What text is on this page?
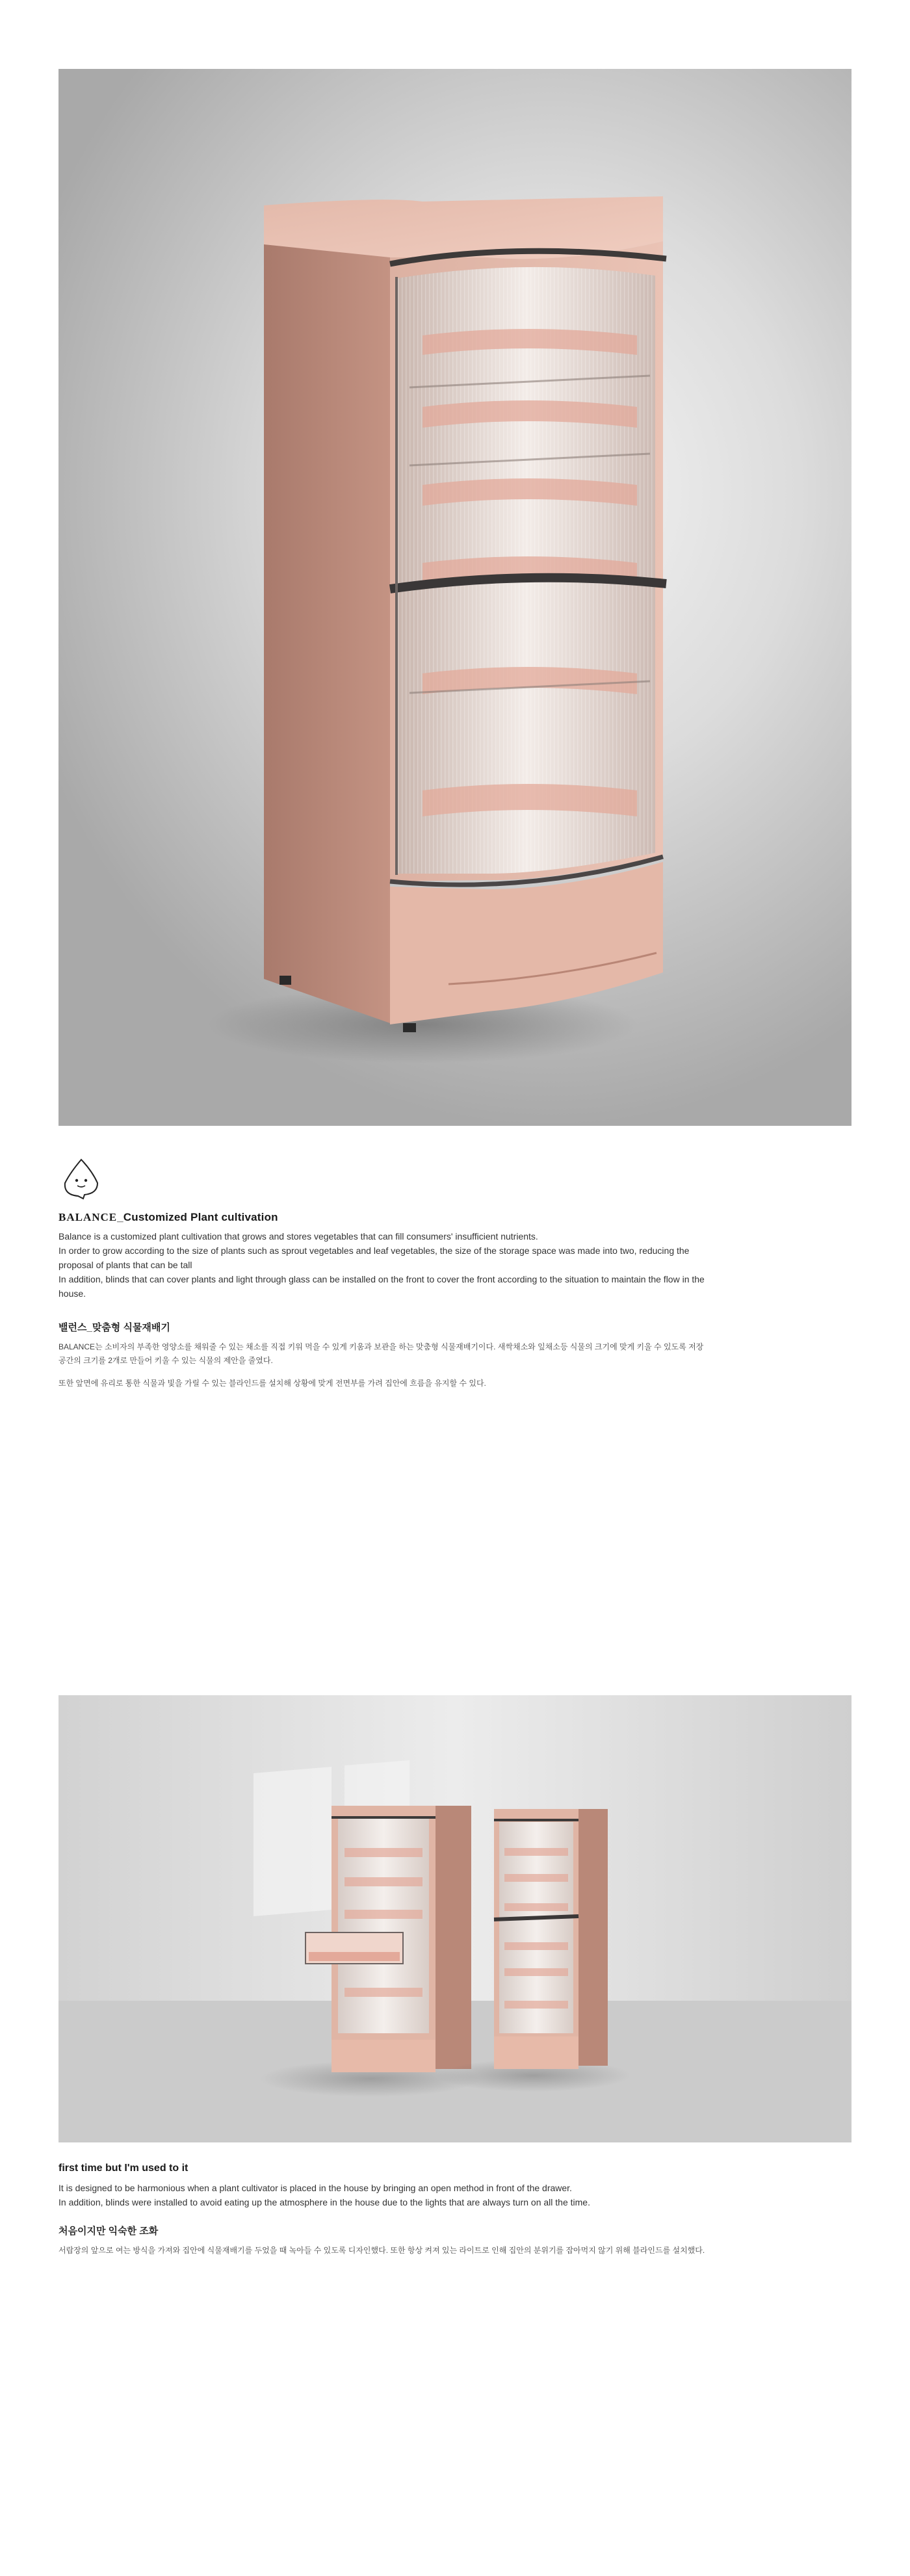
BALANCE_Customized Plant cultivation

Balance is a customized plant cultivation that grows and stores vegetables that can fill consumers' insufficient nutrients.

In order to grow according to the size of plants such as sprout vegetables and leaf vegetables, the size of the storage space was made into two, reducing the proposal of plants that can be tall

In addition, blinds that can cover plants and light through glass can be installed on the front to cover the front according to the situation to maintain the flow in the house.

밸런스_맞춤형 식물재배기

BALANCE는 소비자의 부족한 영양소를 채워줄 수 있는 채소를 직접 키워 먹을 수 있게 키움과 보관을 하는 맞춤형 식물재배기이다. 새싹채소와 잎채소등 식물의 크기에 맞게 키울 수 있도록 저장공간의 크기를 2개로 만들어 키울 수 있는 식물의 제안을 줄였다.

또한 앞면에 유리로 통한 식물과 빛을 가릴 수 있는 블라인드를 설치해 상황에 맞게 전면부를 가려 집안에 흐름을 유지할 수 있다.

first time but I'm used to it

It is designed to be harmonious when a plant cultivator is placed in the house by bringing an open method in front of the drawer.

In addition, blinds were installed to avoid eating up the atmosphere in the house due to the lights that are always turn on all the time.

처음이지만 익숙한 조화

서랍장의 앞으로 여는 방식을 가져와 집안에 식물재배기를 두었을 때 녹아들 수 있도록 디자인했다. 또한 항상 켜져 있는 라이트로 인해 집안의 분위기를 잡아먹지 않기 위해 블라인드를 설치했다.
